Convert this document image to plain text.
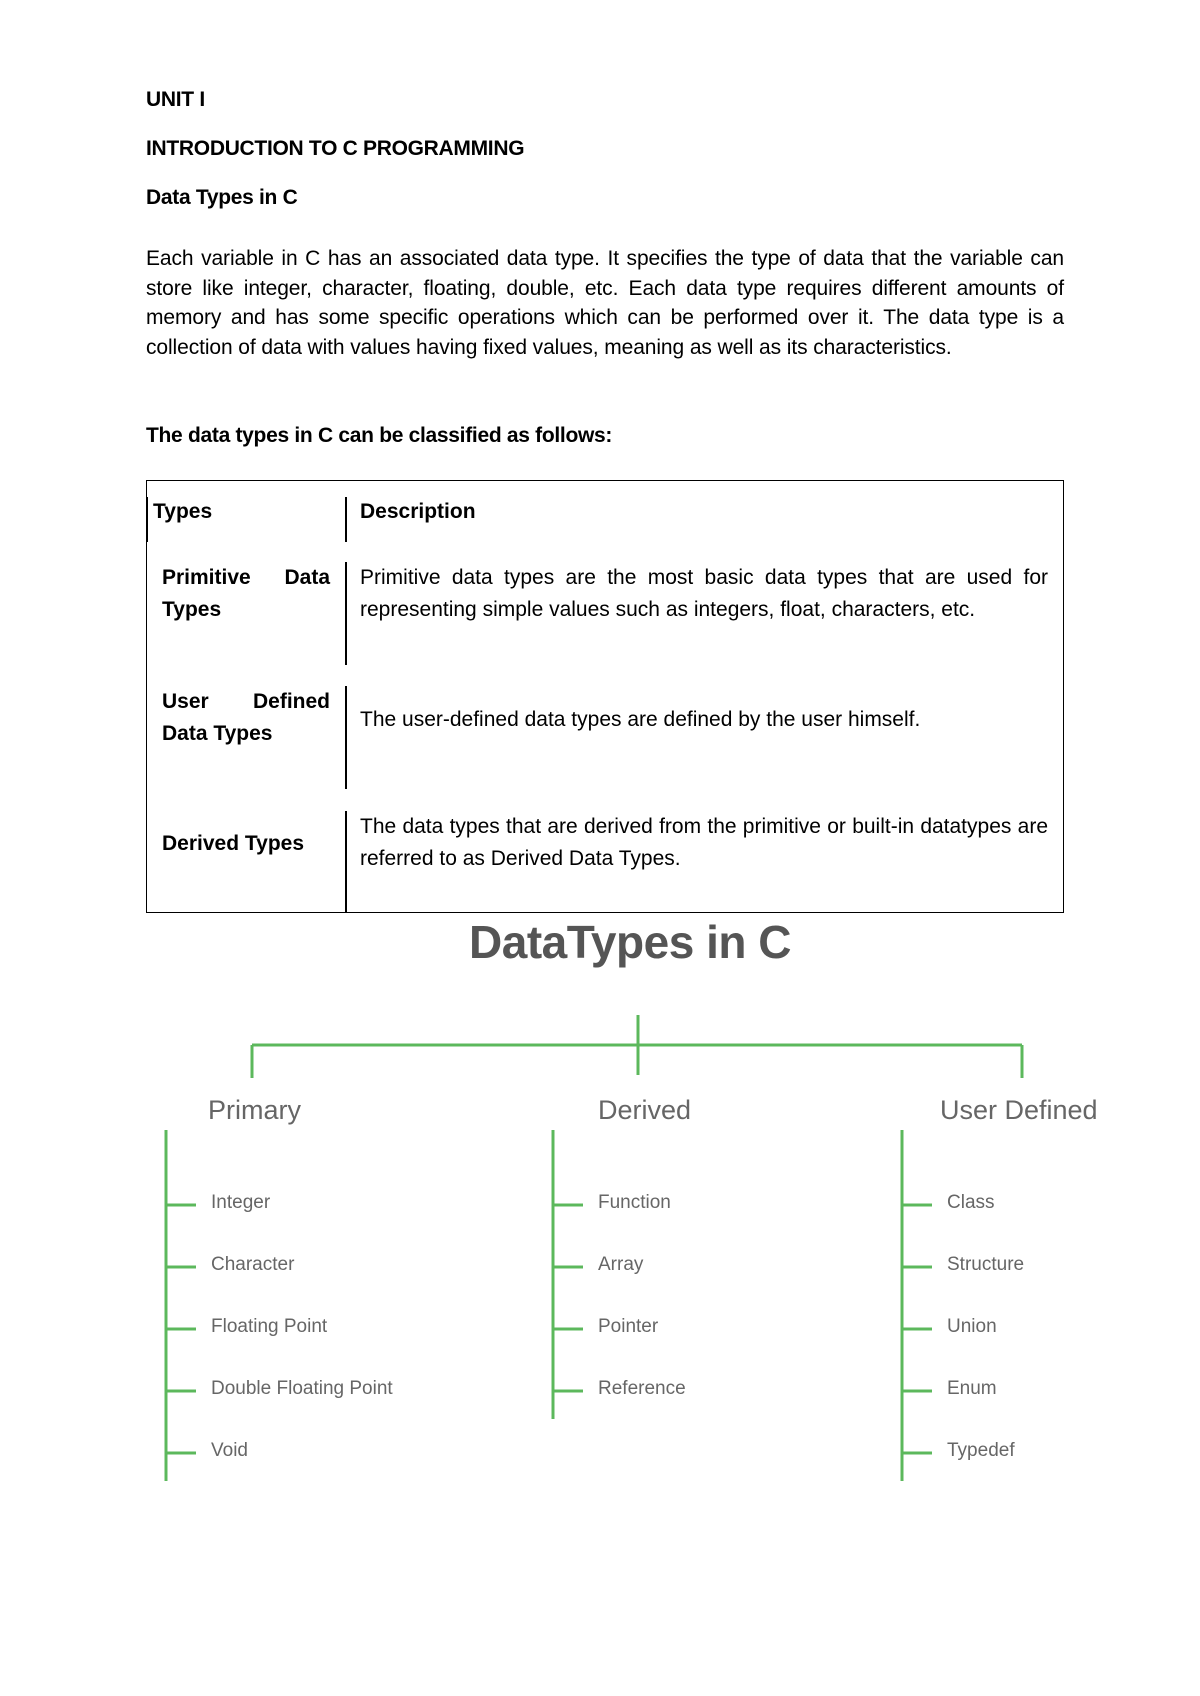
UNIT I
INTRODUCTION TO C PROGRAMMING
Data Types in C
Each variable in C has an associated data type. It specifies the type of data that the variable can store like integer, character, floating, double, etc. Each data type requires different amounts of memory and has some specific operations which can be performed over it. The data type is a collection of data with values having fixed values, meaning as well as its characteristics.
The data types in C can be classified as follows:
Types	Description
Primitive Data Types
Primitive data types are the most basic data types that are used for representing simple values such as integers, float, characters, etc.
User Defined Data Types
The user-defined data types are defined by the user himself.
Derived Types
The data types that are derived from the primitive or built-in datatypes are referred to as Derived Data Types.
DataTypes in C
Primary
Integer
Character
Floating Point
Double Floating Point
Void
Derived
Function
Array
Pointer
Reference
User Defined
Class
Structure
Union
Enum
Typedef
